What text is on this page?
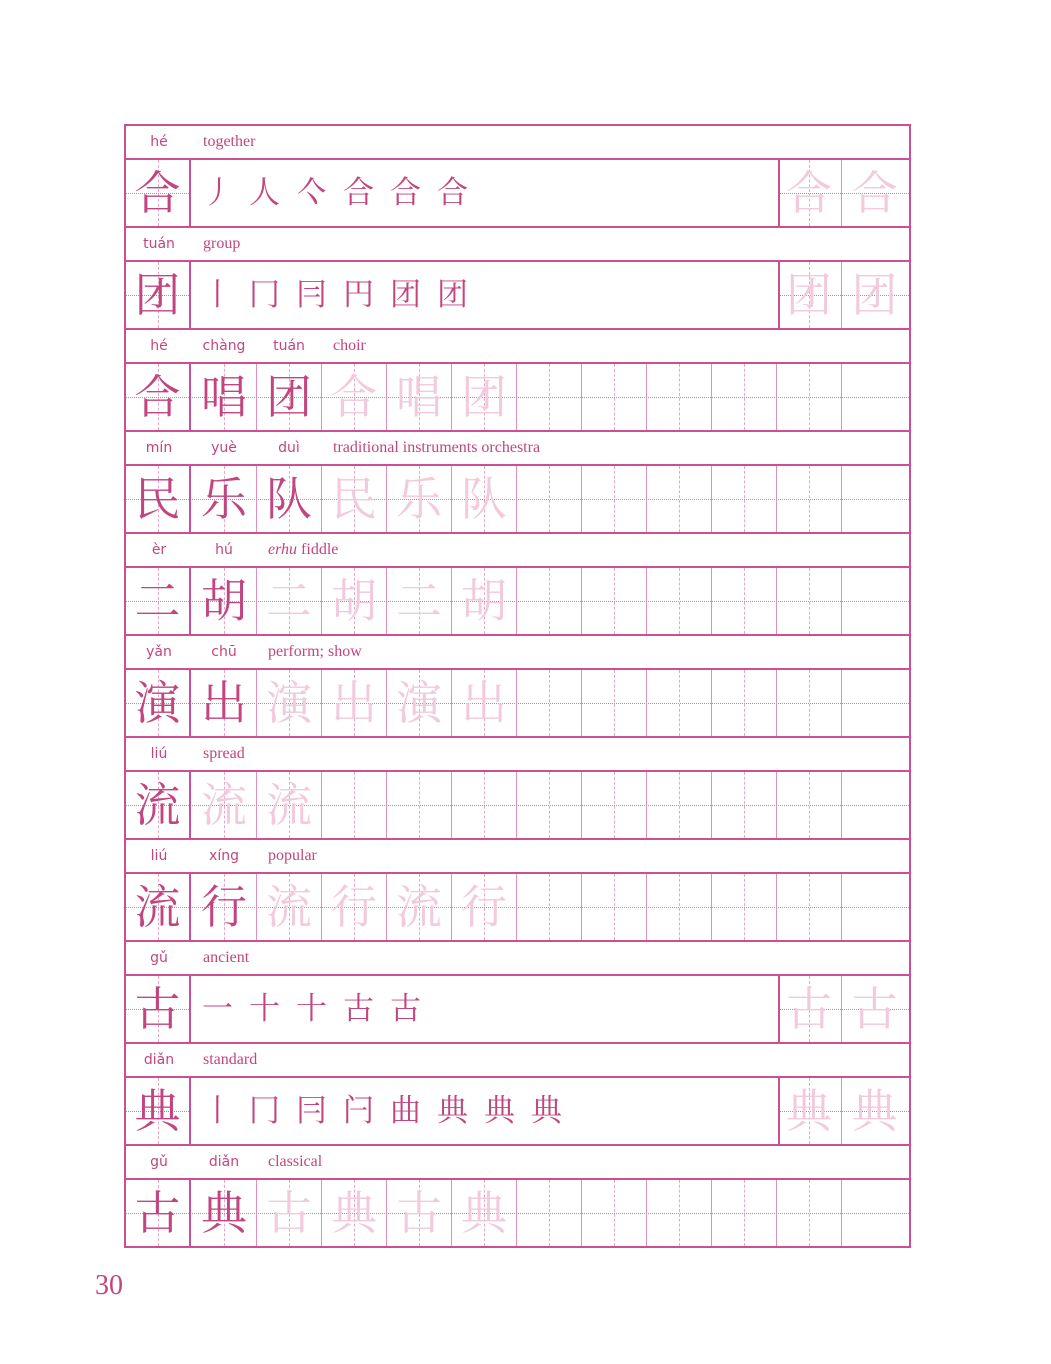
hé together
合	合 合
丿 人 亽 合 合 合
tuán group
团	团 团
丨 冂 冃 円 团 团
hé chàng tuán choir
合 唱 团 合 唱 团
mín	yuè	duì traditional instruments orchestra
民 乐 队 民 乐 队
èr	hú erhu fiddle
二 胡 二 胡 二 胡
yǎn	chū perform; show
演 出 演 出 演 出
liú spread
流 流 流
liú	xíng popular
流 行 流 行 流 行
gǔ ancient
古	古 古
一 十 十 古 古
diǎn standard
典	典 典
丨 冂 冃 闩 曲 典 典 典
gǔ	diǎn classical
古 典 古 典 古 典
30
